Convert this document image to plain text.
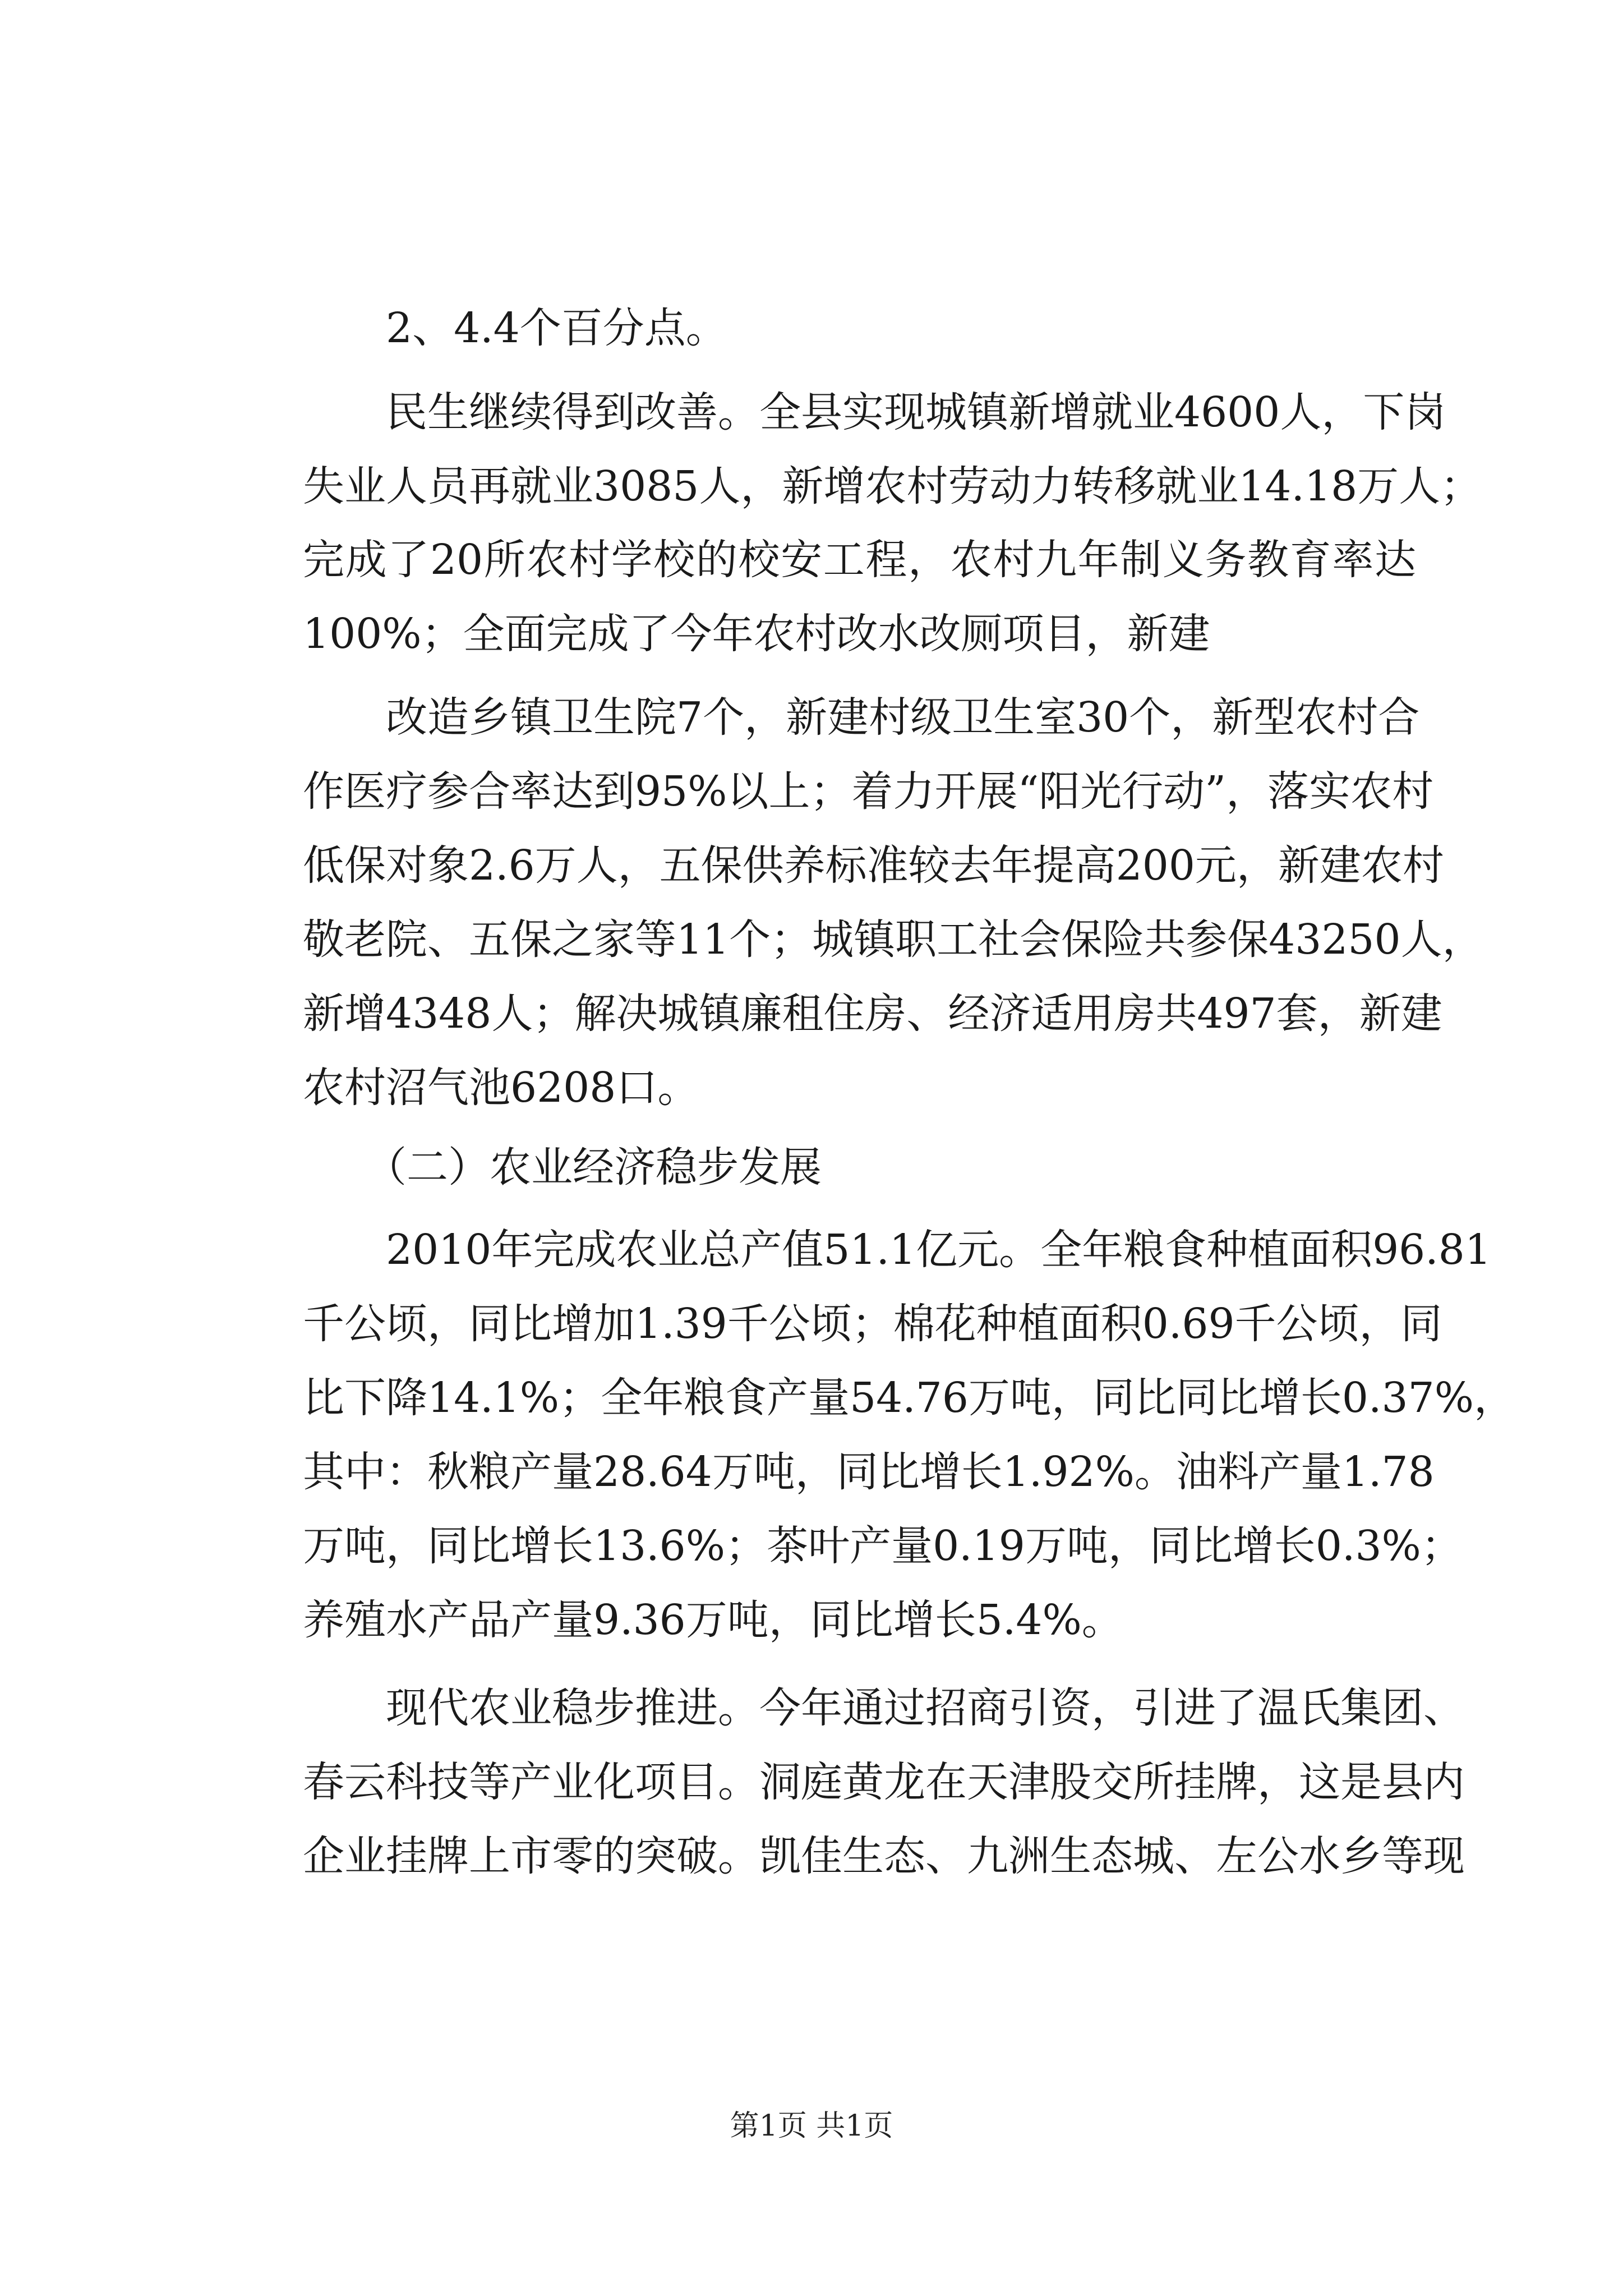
　　2、4.4个百分点。
　　民生继续得到改善。全县实现城镇新增就业4600人，下岗
失业人员再就业3085人，新增农村劳动力转移就业14.18万人；
完成了20所农村学校的校安工程，农村九年制义务教育率达
100%；全面完成了今年农村改水改厕项目，新建
　　改造乡镇卫生院7个，新建村级卫生室30个，新型农村合
作医疗参合率达到95%以上；着力开展“阳光行动”，落实农村
低保对象2.6万人，五保供养标准较去年提高200元，新建农村
敬老院、五保之家等11个；城镇职工社会保险共参保43250人，
新增4348人；解决城镇廉租住房、经济适用房共497套，新建
农村沼气池6208口。
　　（二）农业经济稳步发展
　　2010年完成农业总产值51.1亿元。全年粮食种植面积96.81
千公顷，同比增加1.39千公顷；棉花种植面积0.69千公顷，同
比下降14.1%；全年粮食产量54.76万吨，同比同比增长0.37%，
其中：秋粮产量28.64万吨，同比增长1.92%。油料产量1.78
万吨，同比增长13.6%；茶叶产量0.19万吨，同比增长0.3%；
养殖水产品产量9.36万吨，同比增长5.4%。
　　现代农业稳步推进。今年通过招商引资，引进了温氏集团、
春云科技等产业化项目。洞庭黄龙在天津股交所挂牌，这是县内
企业挂牌上市零的突破。凯佳生态、九洲生态城、左公水乡等现
第1页 共1页
